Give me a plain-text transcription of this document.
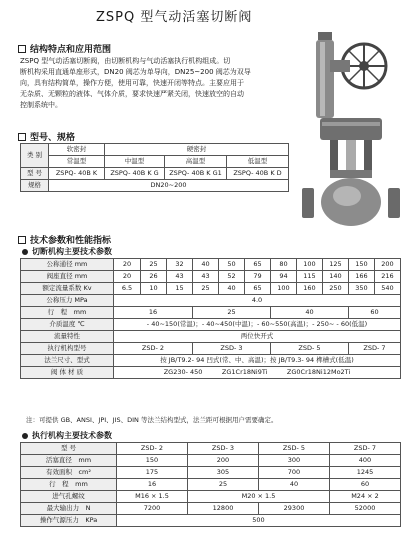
ZSPQ 型气动活塞切断阀
结构特点和应用范围

ZSPQ 型气动活塞切断阀，由切断机构与气动活塞执行机构组成。切

断机构采用直通单座形式，DN20 阀芯为单导向，DN25~200 阀芯为双导

向，具有结构简单，操作方便，使用可靠，快速开闭等特点。主要应用于

无杂质、无颗粒的液体、气体介质，要求快速严紧关闭，快速放空的自动

控制系统中。

型号、规格
类 别	软密封	硬密封		
	常温型	中温型	高温型	低温型
型 号	ZSPQ- 40B K	ZSPQ- 40B K G	ZSPQ- 40B K G1	ZSPQ- 40B K D
规格	DN20~200			
技术参数和性能指标
切断机构主要技术参数
公称通径 mm	20	25	32	40	50	65	80	100	125	150	200
阀座直径 mm	20	26	43	43	52	79	94	115	140	166	216
额定流量系数 Kv	6.5	10	15	25	40	65	100	160	250	350	540
公称压力 MPa	4.0										
行　程　mm	16			25			40			60	
介质温度 ℃	- 40~150(常温)；- 40~450(中温)；- 60~550(高温)；- 250~ - 60(低温)										
流量特性	两位快开式										
执行机构型号	ZSD- 2			ZSD- 3			ZSD- 5			ZSD- 7	
法兰尺寸、型式	按 JB/T9.2- 94 凹式(常、中、高温)；按 JB/T9.3- 94 榫槽式(低温)										
阀 体 材 质	ZG230- 450　　　ZG1Cr18Ni9Ti　　　ZG0Cr18Ni12Mo2Ti										
注：可提供 GB、ANSI、JPI、JIS、DIN 等法兰结构型式，法兰距可根据用户需要确定。
执行机构主要技术参数
型 号	ZSD- 2	ZSD- 3	ZSD- 5	ZSD- 7
活塞直径　mm	150	200	300	400
有效面积　cm²	175	305	700	1245
行　程　mm	16	25	40	60
进气孔螺纹	M16 × 1.5	M20 × 1.5		M24 × 2
最大输出力　N	7200	12800	29300	52000
操作气源压力　KPa	500			
